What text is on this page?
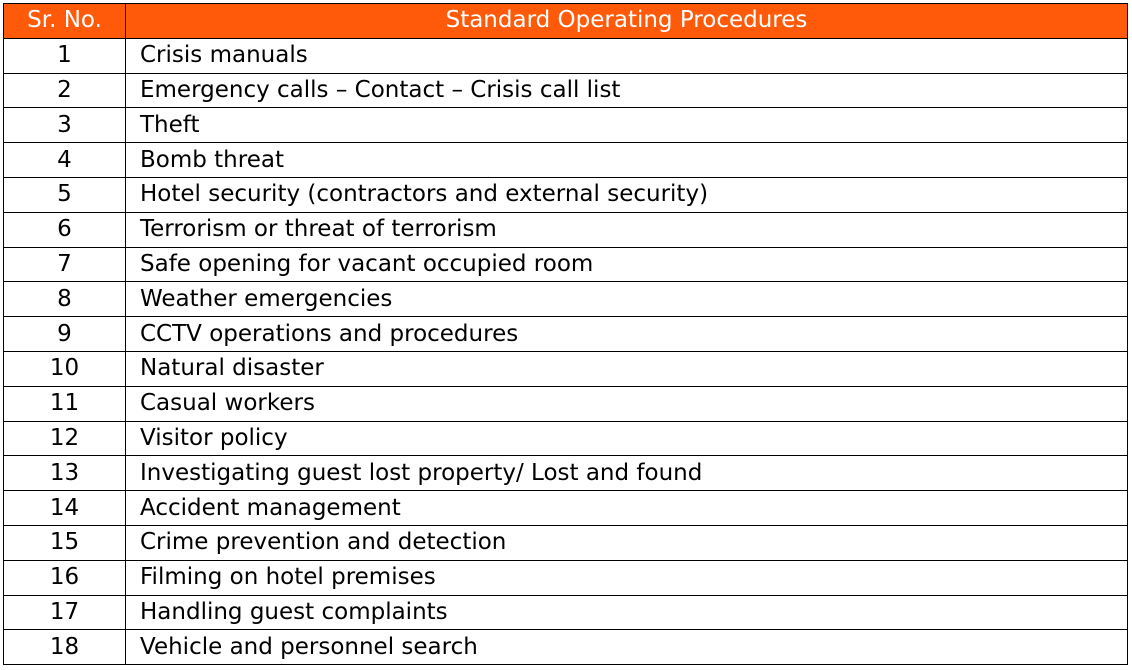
Sr. No.	Standard Operating Procedures
1	Crisis manuals
2	Emergency calls – Contact – Crisis call list
3	Theft
4	Bomb threat
5	Hotel security (contractors and external security)
6	Terrorism or threat of terrorism
7	Safe opening for vacant occupied room
8	Weather emergencies
9	CCTV operations and procedures
10	Natural disaster
11	Casual workers
12	Visitor policy
13	Investigating guest lost property/ Lost and found
14	Accident management
15	Crime prevention and detection
16	Filming on hotel premises
17	Handling guest complaints
18	Vehicle and personnel search
